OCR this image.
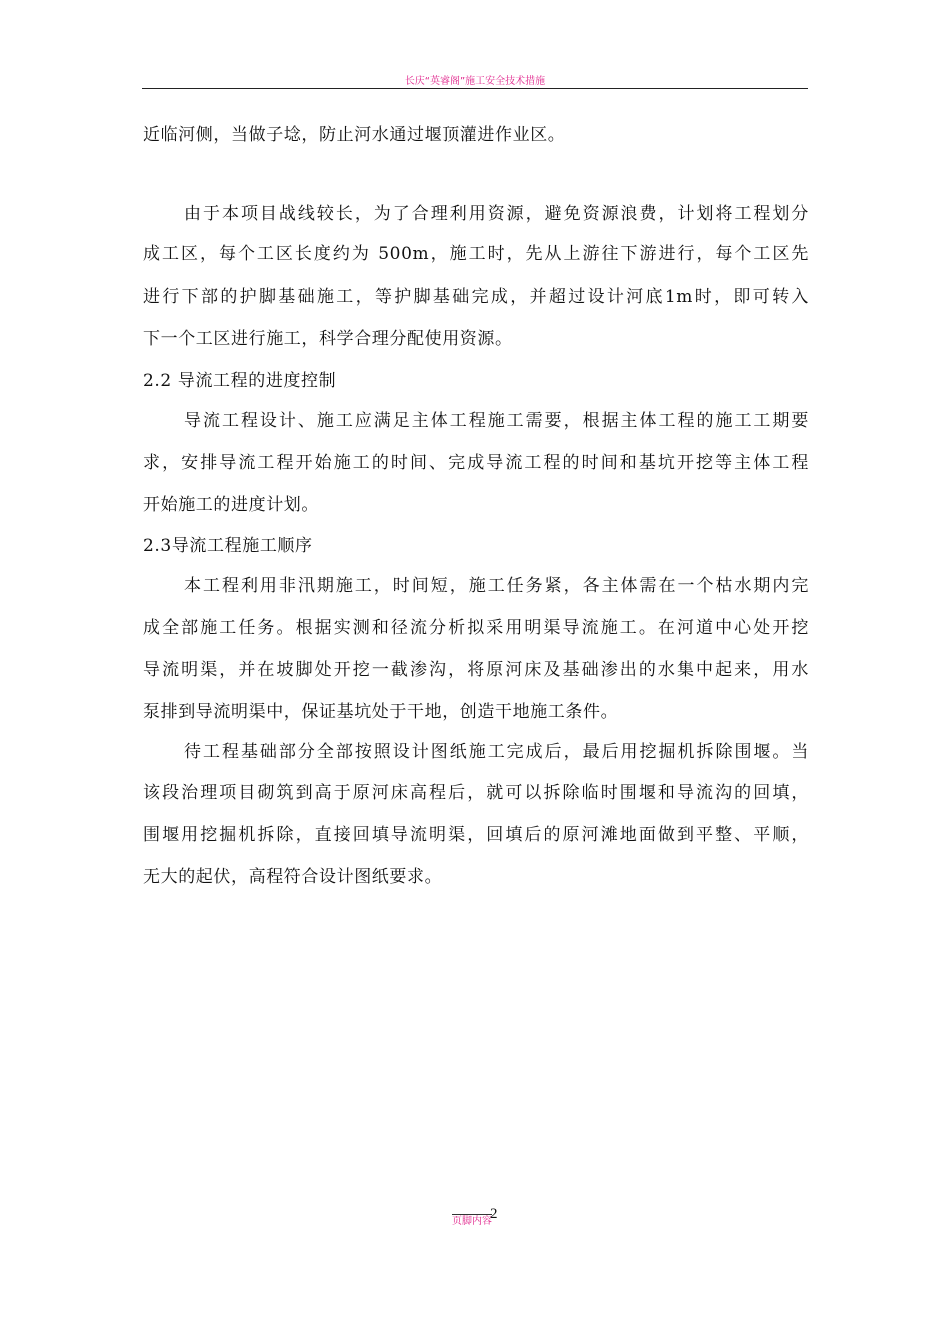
长庆“英睿阁”施工安全技术措施
近临河侧，当做子埝，防止河水通过堰顶灌进作业区。
由于本项目战线较长，为了合理利用资源，避免资源浪费，计划将工程划分
成工区，每个工区长度约为 500m，施工时，先从上游往下游进行，每个工区先
进行下部的护脚基础施工，等护脚基础完成，并超过设计河底1m时，即可转入
下一个工区进行施工，科学合理分配使用资源。
2.2 导流工程的进度控制
导流工程设计、施工应满足主体工程施工需要，根据主体工程的施工工期要
求，安排导流工程开始施工的时间、完成导流工程的时间和基坑开挖等主体工程
开始施工的进度计划。
2.3导流工程施工顺序
本工程利用非汛期施工，时间短，施工任务紧，各主体需在一个枯水期内完
成全部施工任务。根据实测和径流分析拟采用明渠导流施工。在河道中心处开挖
导流明渠，并在坡脚处开挖一截渗沟，将原河床及基础渗出的水集中起来，用水
泵排到导流明渠中，保证基坑处于干地，创造干地施工条件。
待工程基础部分全部按照设计图纸施工完成后，最后用挖掘机拆除围堰。当
该段治理项目砌筑到高于原河床高程后，就可以拆除临时围堰和导流沟的回填，
围堰用挖掘机拆除，直接回填导流明渠，回填后的原河滩地面做到平整、平顺，
无大的起伏，高程符合设计图纸要求。
页脚内容
2
